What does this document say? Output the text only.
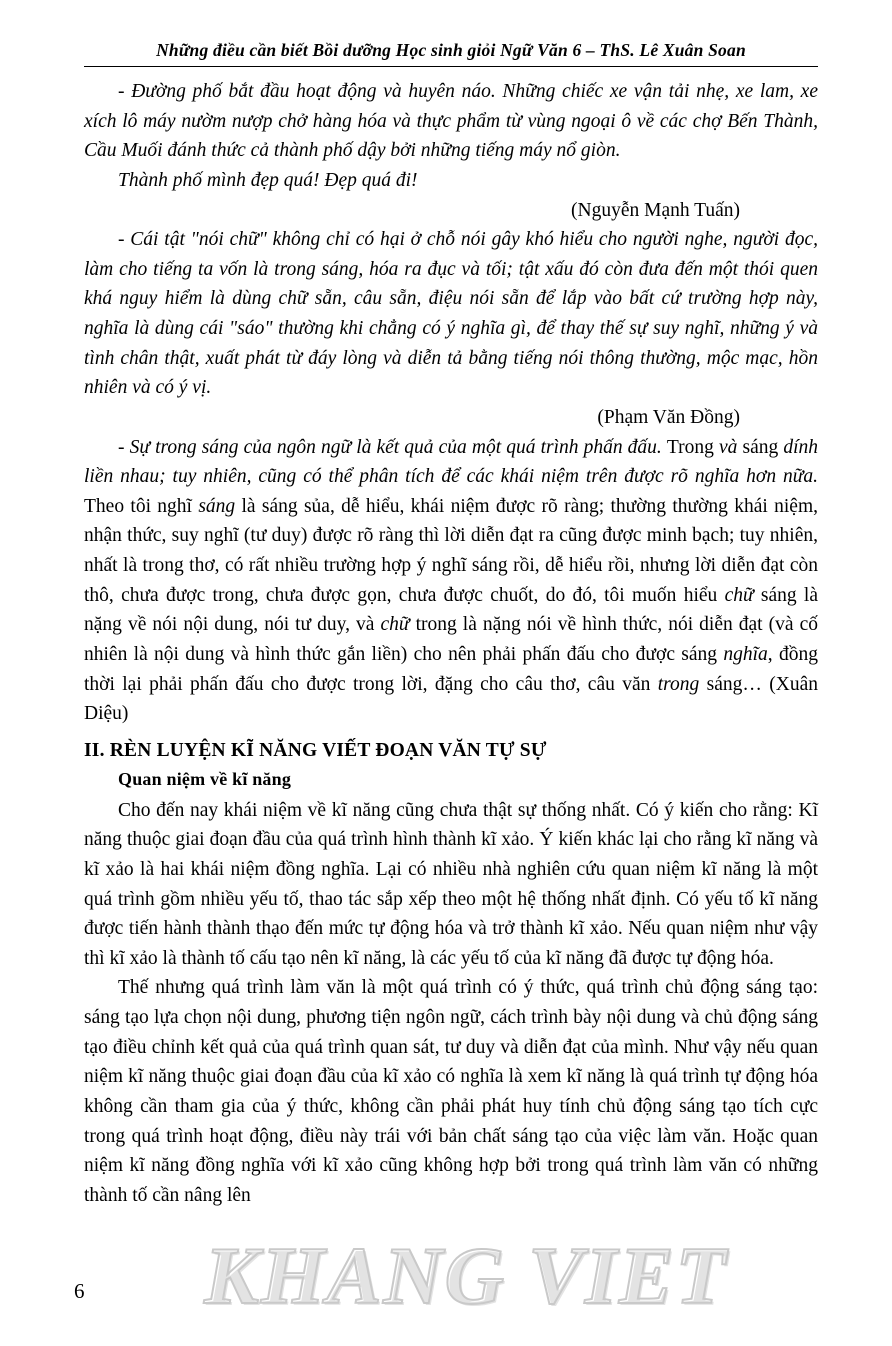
Những điều cần biết Bồi dưỡng Học sinh giỏi Ngữ Văn 6 – ThS. Lê Xuân Soan

- Đường phố bắt đầu hoạt động và huyên náo. Những chiếc xe vận tải nhẹ, xe lam, xe xích lô máy nườm nượp chở hàng hóa và thực phẩm từ vùng ngoại ô về các chợ Bến Thành, Cầu Muối đánh thức cả thành phố dậy bởi những tiếng máy nổ giòn.

Thành phố mình đẹp quá! Đẹp quá đi!

(Nguyễn Mạnh Tuấn)

- Cái tật "nói chữ" không chỉ có hại ở chỗ nói gây khó hiểu cho người nghe, người đọc, làm cho tiếng ta vốn là trong sáng, hóa ra đục và tối; tật xấu đó còn đưa đến một thói quen khá nguy hiểm là dùng chữ sẵn, câu sẵn, điệu nói sẵn để lắp vào bất cứ trường hợp này, nghĩa là dùng cái "sáo" thường khi chẳng có ý nghĩa gì, để thay thế sự suy nghĩ, những ý và tình chân thật, xuất phát từ đáy lòng và diễn tả bằng tiếng nói thông thường, mộc mạc, hồn nhiên và có ý vị.

(Phạm Văn Đồng)

- Sự trong sáng của ngôn ngữ là kết quả của một quá trình phấn đấu. Trong và sáng dính liền nhau; tuy nhiên, cũng có thể phân tích để các khái niệm trên được rõ nghĩa hơn nữa. Theo tôi nghĩ sáng là sáng sủa, dễ hiểu, khái niệm được rõ ràng; thường thường khái niệm, nhận thức, suy nghĩ (tư duy) được rõ ràng thì lời diễn đạt ra cũng được minh bạch; tuy nhiên, nhất là trong thơ, có rất nhiều trường hợp ý nghĩ sáng rồi, dễ hiểu rồi, nhưng lời diễn đạt còn thô, chưa được trong, chưa được gọn, chưa được chuốt, do đó, tôi muốn hiểu chữ sáng là nặng về nói nội dung, nói tư duy, và chữ trong là nặng nói về hình thức, nói diễn đạt (và cố nhiên là nội dung và hình thức gắn liền) cho nên phải phấn đấu cho được sáng nghĩa, đồng thời lại phải phấn đấu cho được trong lời, đặng cho câu thơ, câu văn trong sáng… (Xuân Diệu)

II. RÈN LUYỆN KĨ NĂNG VIẾT ĐOẠN VĂN TỰ SỰ

Quan niệm về kĩ năng

Cho đến nay khái niệm về kĩ năng cũng chưa thật sự thống nhất. Có ý kiến cho rằng: Kĩ năng thuộc giai đoạn đầu của quá trình hình thành kĩ xảo. Ý kiến khác lại cho rằng kĩ năng và kĩ xảo là hai khái niệm đồng nghĩa. Lại có nhiều nhà nghiên cứu quan niệm kĩ năng là một quá trình gồm nhiều yếu tố, thao tác sắp xếp theo một hệ thống nhất định. Có yếu tố kĩ năng được tiến hành thành thạo đến mức tự động hóa và trở thành kĩ xảo. Nếu quan niệm như vậy thì kĩ xảo là thành tố cấu tạo nên kĩ năng, là các yếu tố của kĩ năng đã được tự động hóa.

Thế nhưng quá trình làm văn là một quá trình có ý thức, quá trình chủ động sáng tạo: sáng tạo lựa chọn nội dung, phương tiện ngôn ngữ, cách trình bày nội dung và chủ động sáng tạo điều chỉnh kết quả của quá trình quan sát, tư duy và diễn đạt của mình. Như vậy nếu quan niệm kĩ năng thuộc giai đoạn đầu của kĩ xảo có nghĩa là xem kĩ năng là quá trình tự động hóa không cần tham gia của ý thức, không cần phải phát huy tính chủ động sáng tạo tích cực trong quá trình hoạt động, điều này trái với bản chất sáng tạo của việc làm văn. Hoặc quan niệm kĩ năng đồng nghĩa với kĩ xảo cũng không hợp bởi trong quá trình làm văn có những thành tố cần nâng lên

6	KHANG VIET
